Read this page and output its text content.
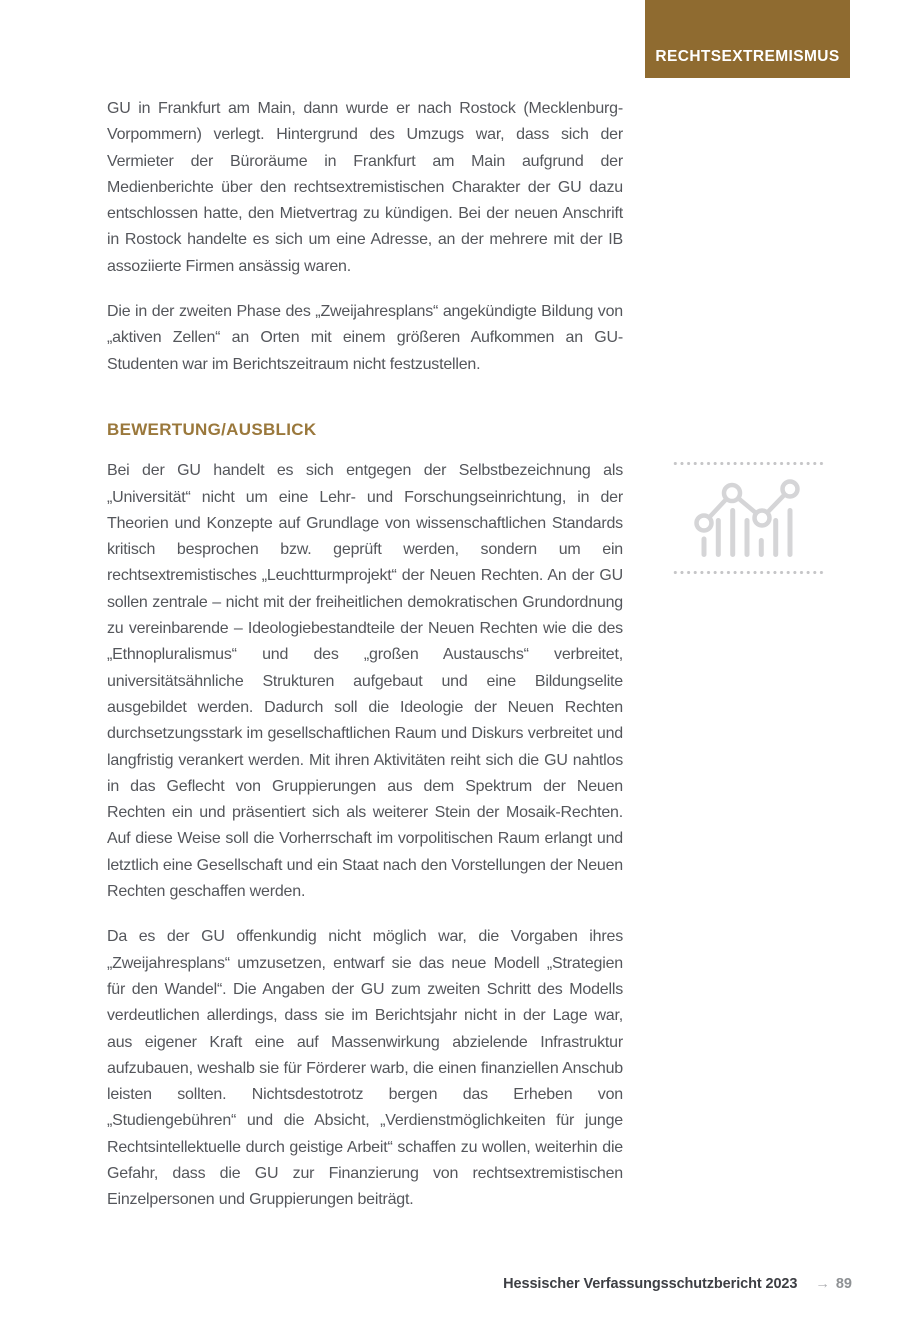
RECHTSEXTREMISMUS

GU in Frankfurt am Main, dann wurde er nach Rostock (Mecklenburg-Vorpommern) verlegt. Hintergrund des Umzugs war, dass sich der Vermieter der Büroräume in Frankfurt am Main aufgrund der Medienberichte über den rechtsextremistischen Charakter der GU dazu entschlossen hatte, den Mietvertrag zu kündigen. Bei der neuen Anschrift in Rostock handelte es sich um eine Adresse, an der mehrere mit der IB assoziierte Firmen ansässig waren.

Die in der zweiten Phase des „Zweijahresplans“ angekündigte Bildung von „aktiven Zellen“ an Orten mit einem größeren Aufkommen an GU-Studenten war im Berichtszeitraum nicht festzustellen.

BEWERTUNG/AUSBLICK

Bei der GU handelt es sich entgegen der Selbstbezeichnung als „Universität“ nicht um eine Lehr- und Forschungseinrichtung, in der Theorien und Konzepte auf Grundlage von wissenschaftlichen Standards kritisch besprochen bzw. geprüft werden, sondern um ein rechtsextremistisches „Leuchtturmprojekt“ der Neuen Rechten. An der GU sollen zentrale – nicht mit der freiheitlichen demokratischen Grundordnung zu vereinbarende – Ideologiebestandteile der Neuen Rechten wie die des „Ethnopluralismus“ und des „großen Austauschs“ verbreitet, universitätsähnliche Strukturen aufgebaut und eine Bildungselite ausgebildet werden. Dadurch soll die Ideologie der Neuen Rechten durchsetzungsstark im gesellschaftlichen Raum und Diskurs verbreitet und langfristig verankert werden. Mit ihren Aktivitäten reiht sich die GU nahtlos in das Geflecht von Gruppierungen aus dem Spektrum der Neuen Rechten ein und präsentiert sich als weiterer Stein der Mosaik-Rechten. Auf diese Weise soll die Vorherrschaft im vorpolitischen Raum erlangt und letztlich eine Gesellschaft und ein Staat nach den Vorstellungen der Neuen Rechten geschaffen werden.

Da es der GU offenkundig nicht möglich war, die Vorgaben ihres „Zweijahresplans“ umzusetzen, entwarf sie das neue Modell „Strategien für den Wandel“. Die Angaben der GU zum zweiten Schritt des Modells verdeutlichen allerdings, dass sie im Berichtsjahr nicht in der Lage war, aus eigener Kraft eine auf Massenwirkung abzielende Infrastruktur aufzubauen, weshalb sie für Förderer warb, die einen finanziellen Anschub leisten sollten. Nichtsdestotrotz bergen das Erheben von „Studiengebühren“ und die Absicht, „Verdienstmöglichkeiten für junge Rechtsintellektuelle durch geistige Arbeit“ schaffen zu wollen, weiterhin die Gefahr, dass die GU zur Finanzierung von rechtsextremistischen Einzelpersonen und Gruppierungen beiträgt.

Hessischer Verfassungsschutzbericht 2023 → 89
